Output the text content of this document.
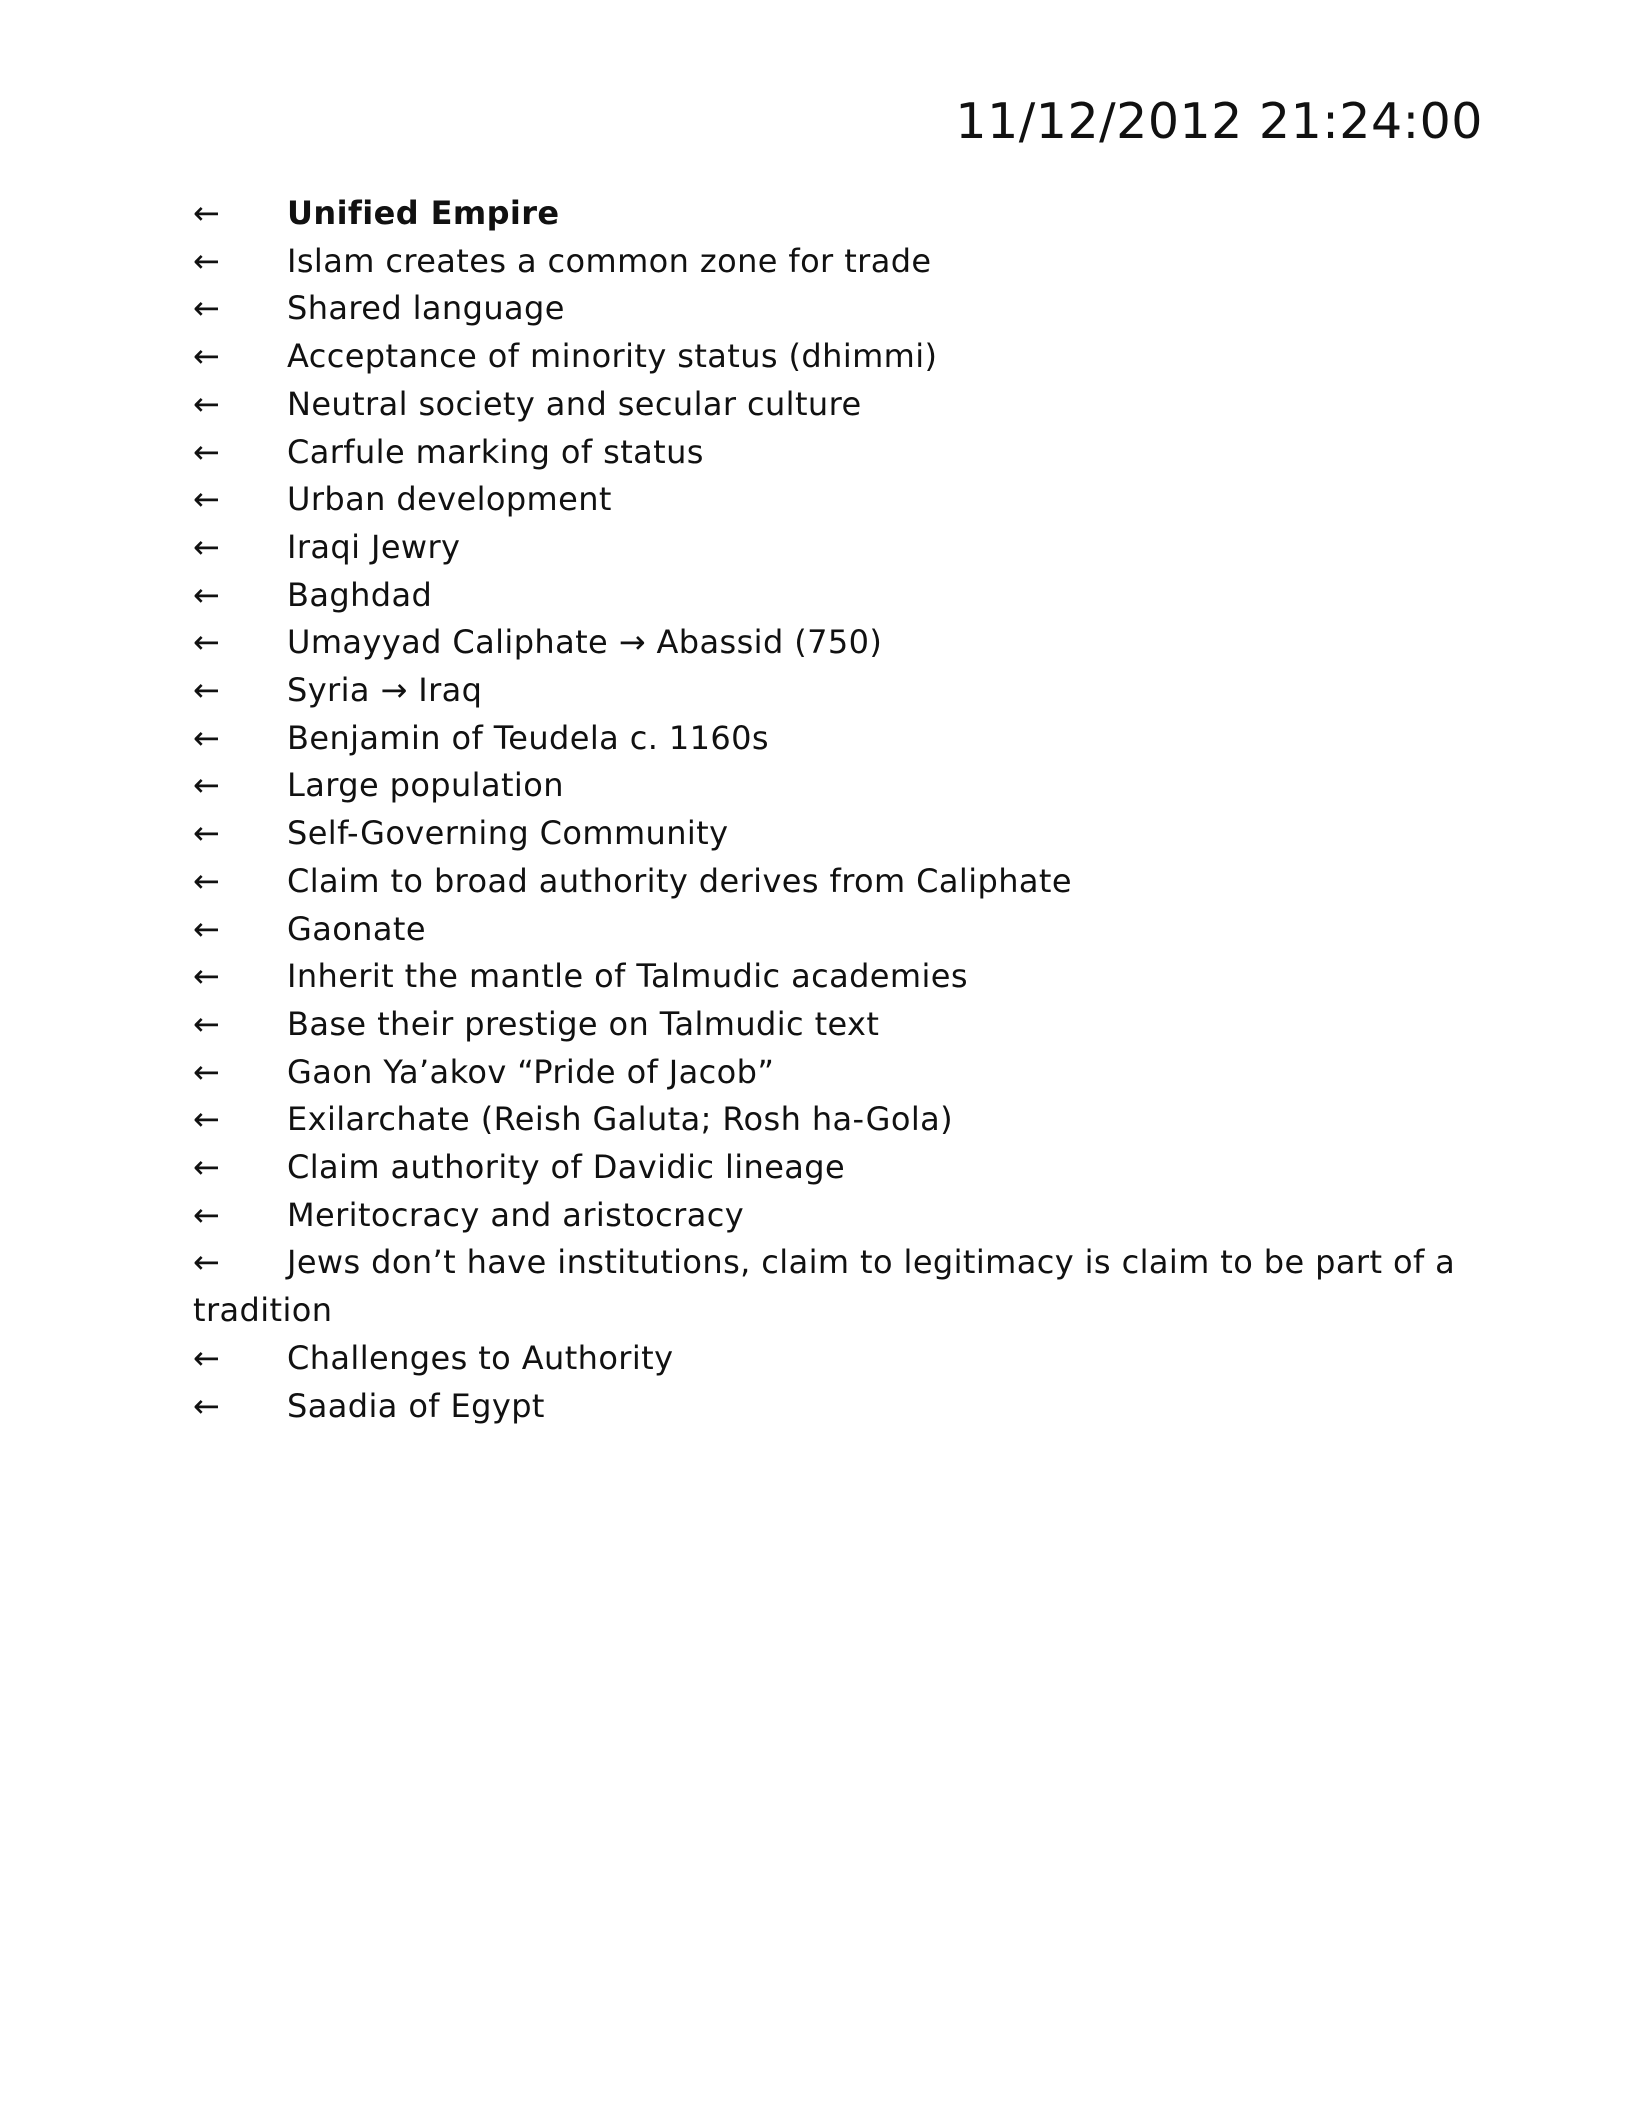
11/12/2012 21:24:00
← Unified Empire
← Islam creates a common zone for trade
← Shared language
← Acceptance of minority status (dhimmi)
← Neutral society and secular culture
← Carfule marking of status
← Urban development
← Iraqi Jewry
← Baghdad
← Umayyad Caliphate → Abassid (750)
← Syria → Iraq
← Benjamin of Teudela c. 1160s
← Large population
← Self-Governing Community
← Claim to broad authority derives from Caliphate
← Gaonate
← Inherit the mantle of Talmudic academies
← Base their prestige on Talmudic text
← Gaon Ya’akov “Pride of Jacob”
← Exilarchate (Reish Galuta; Rosh ha-Gola)
← Claim authority of Davidic lineage
← Meritocracy and aristocracy
← Jews don’t have institutions, claim to legitimacy is claim to be part of a tradition
← Challenges to Authority
← Saadia of Egypt
